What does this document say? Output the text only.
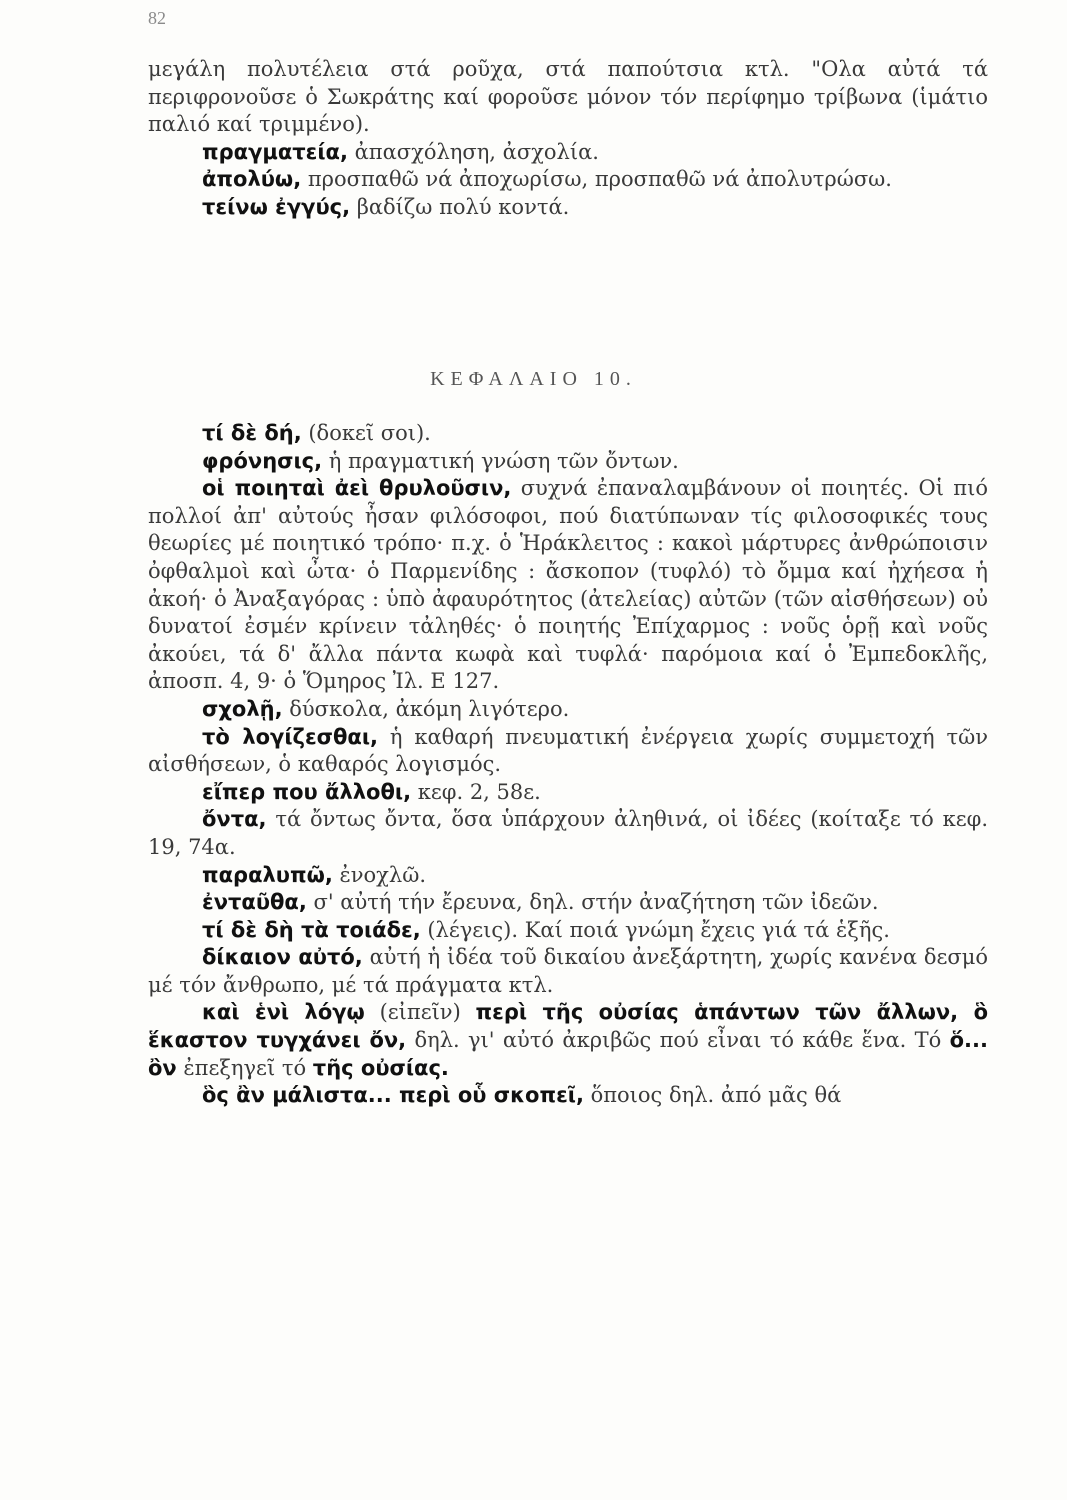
82

μεγάλη πολυτέλεια στά ροῦχα, στά παπούτσια κτλ. "Ολα αὐτά τά περιφρονοῦσε ὁ Σωκράτης καί φοροῦσε μόνον τόν περίφημο τρίβωνα (ἱμάτιο παλιό καί τριμμένο).

πραγματεία, ἀπασχόληση, ἀσχολία.

ἀπολύω, προσπαθῶ νά ἀποχωρίσω, προσπαθῶ νά ἀπολυτρώσω.

τείνω ἐγγύς, βαδίζω πολύ κοντά.

ΚΕΦΑΛΑΙΟ 10.

τί δὲ δή, (δοκεῖ σοι).

φρόνησις, ἡ πραγματική γνώση τῶν ὄντων.

οἱ ποιηταὶ ἀεὶ θρυλοῦσιν, συχνά ἐπαναλαμβάνουν οἱ ποιητές. Οἱ πιό πολλοί ἀπ' αὐτούς ἦσαν φιλόσοφοι, πού διατύπωναν τίς φιλοσοφικές τους θεωρίες μέ ποιητικό τρόπο· π.χ. ὁ Ἡράκλειτος : κακοὶ μάρτυρες ἀνθρώποισιν ὀφθαλμοὶ καὶ ὦτα· ὁ Παρμενίδης : ἄσκοπον (τυφλό) τὸ ὄμμα καί ἠχήεσα ἡ ἀκοή· ὁ Ἀναξαγόρας : ὑπὸ ἀφαυρότητος (ἀτελείας) αὐτῶν (τῶν αἰσθήσεων) οὐ δυνατοί ἐσμέν κρίνειν τἀληθές· ὁ ποιητής Ἐπίχαρμος : νοῦς ὁρῇ καὶ νοῦς ἀκούει, τά δ' ἄλλα πάντα κωφὰ καὶ τυφλά· παρόμοια καί ὁ Ἐμπεδοκλῆς, ἀποσπ. 4, 9· ὁ Ὅμηρος Ἰλ. Ε 127.

σχολῇ, δύσκολα, ἀκόμη λιγότερο.

τὸ λογίζεσθαι, ἡ καθαρή πνευματική ἐνέργεια χωρίς συμμετοχή τῶν αἰσθήσεων, ὁ καθαρός λογισμός.

εἴπερ που ἄλλοθι, κεφ. 2, 58ε.

ὄντα, τά ὄντως ὄντα, ὅσα ὑπάρχουν ἀληθινά, οἱ ἰδέες (κοίταξε τό κεφ. 19, 74α.

παραλυπῶ, ἐνοχλῶ.

ἐνταῦθα, σ' αὐτή τήν ἔρευνα, δηλ. στήν ἀναζήτηση τῶν ἰδεῶν.

τί δὲ δὴ τὰ τοιάδε, (λέγεις). Καί ποιά γνώμη ἔχεις γιά τά ἑξῆς.

δίκαιον αὐτό, αὐτή ἡ ἰδέα τοῦ δικαίου ἀνεξάρτητη, χωρίς κανένα δεσμό μέ τόν ἄνθρωπο, μέ τά πράγματα κτλ.

καὶ ἑνὶ λόγῳ (εἰπεῖν) περὶ τῆς οὐσίας ἁπάντων τῶν ἄλλων, ὃ ἕκαστον τυγχάνει ὄν, δηλ. γι' αὐτό ἀκριβῶς πού εἶναι τό κάθε ἕνα. Τό ὅ... ὂν ἐπεξηγεῖ τό τῆς οὐσίας.

ὃς ἂν μάλιστα... περὶ οὗ σκοπεῖ, ὅποιος δηλ. ἀπό μᾶς θά
